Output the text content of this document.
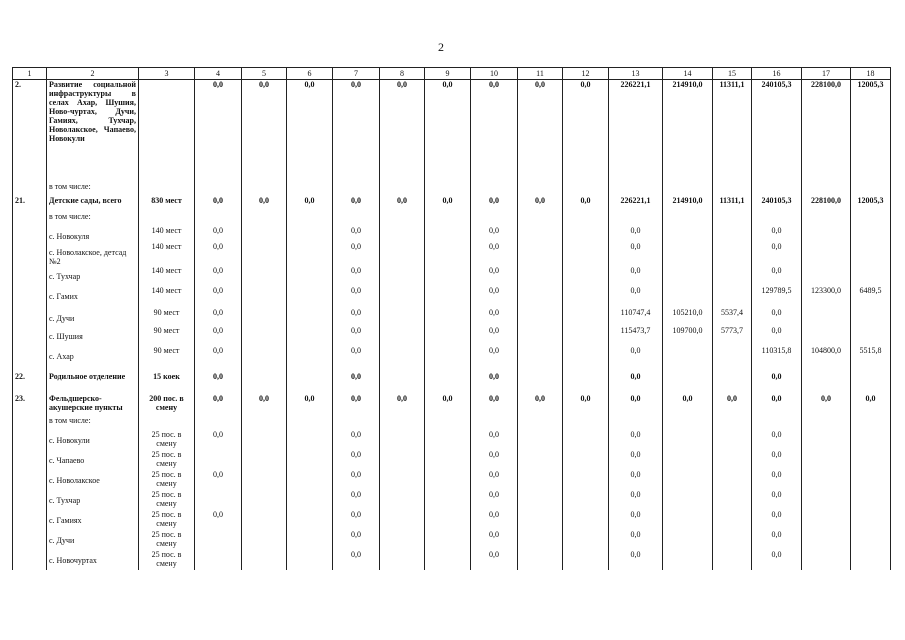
2
1	2	3	4	5	6	7	8	9	10	11	12	13	14	15	16	17	18
2.	Развитие социальной инфраструктуры в селах Ахар, Шушия, Ново-чуртах, Дучи, Гамиях, Тухчар, Новолакское, Чапаево, Новокули		0,0	0,0	0,0	0,0	0,0	0,0	0,0	0,0	0,0	226221,1	214910,0	11311,1	240105,3	228100,0	12005,3
	в том числе:																
21.	Детские сады, всего	830 мест	0,0	0,0	0,0	0,0	0,0	0,0	0,0	0,0	0,0	226221,1	214910,0	11311,1	240105,3	228100,0	12005,3
	в том числе:																
	с. Новокуля	140 мест	0,0			0,0			0,0			0,0			0,0		
	с. Новолакское, детсад №2	140 мест	0,0			0,0			0,0			0,0			0,0		
	с. Тухчар	140 мест	0,0			0,0			0,0			0,0			0,0		
	с. Гамих	140 мест	0,0			0,0			0,0			0,0			129789,5	123300,0	6489,5
	с. Дучи	90 мест	0,0			0,0			0,0			110747,4	105210,0	5537,4	0,0		
	с. Шушия	90 мест	0,0			0,0			0,0			115473,7	109700,0	5773,7	0,0		
	с. Ахар	90 мест	0,0			0,0			0,0			0,0			110315,8	104800,0	5515,8
22.	Родильное отделение	15 коек	0,0			0,0			0,0			0,0			0,0		
23.	Фельдшерско-акушерские пункты	200 пос. в смену	0,0	0,0	0,0	0,0	0,0	0,0	0,0	0,0	0,0	0,0	0,0	0,0	0,0	0,0	0,0
	в том числе:																
	с. Новокули	25 пос. в смену	0,0			0,0			0,0			0,0			0,0		
	с. Чапаево	25 пос. в смену				0,0			0,0			0,0			0,0		
	с. Новолакское	25 пос. в смену	0,0			0,0			0,0			0,0			0,0		
	с. Тухчар	25 пос. в смену				0,0			0,0			0,0			0,0		
	с. Гамиях	25 пос. в смену	0,0			0,0			0,0			0,0			0,0		
	с. Дучи	25 пос. в смену				0,0			0,0			0,0			0,0		
	с. Новочуртах	25 пос. в смену				0,0			0,0			0,0			0,0		
